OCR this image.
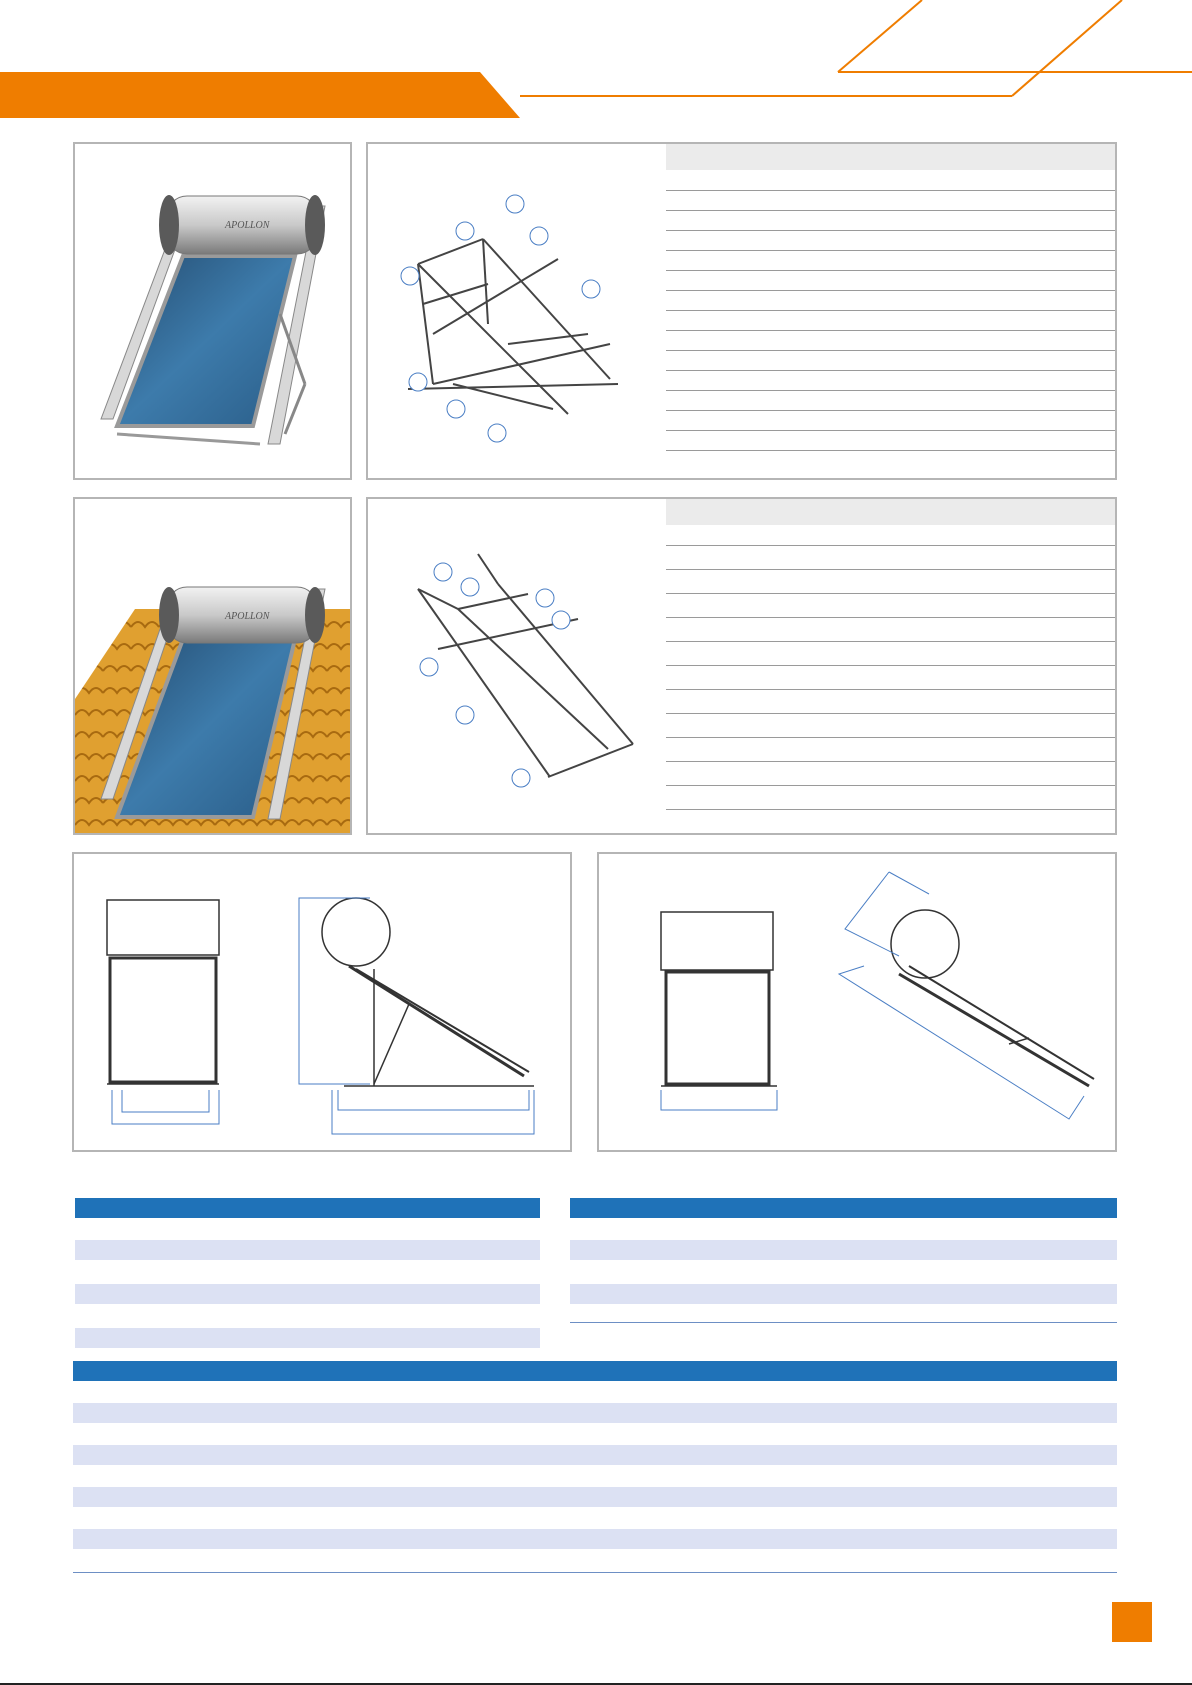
APOLLON
APOLLON
